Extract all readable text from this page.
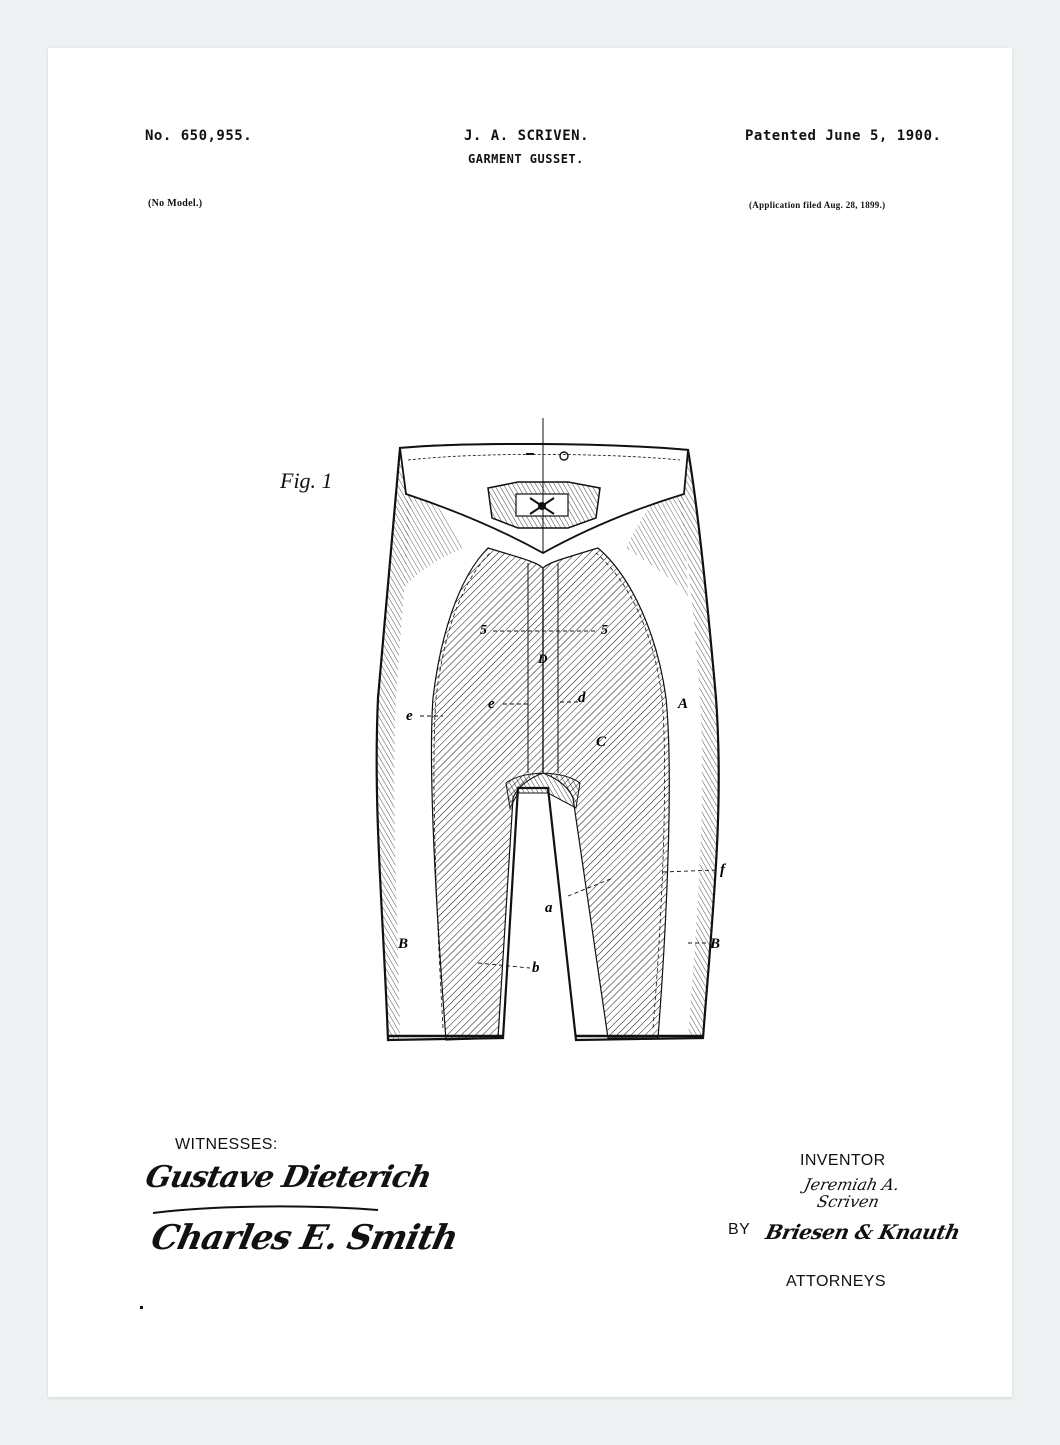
No. 650,955.	J. A. SCRIVEN.
GARMENT GUSSET.
Patented June 5, 1900.
(No Model.)	(Application filed Aug. 28, 1899.)
Fig. 1
5	5
D
e
e	d	A
C
f
a
B	B
b
WITNESSES:
Gustave Dieterich
Charles E. Smith
INVENTOR
Jeremiah A. Scriven
BY Briesen & Knauth
ATTORNEYS
